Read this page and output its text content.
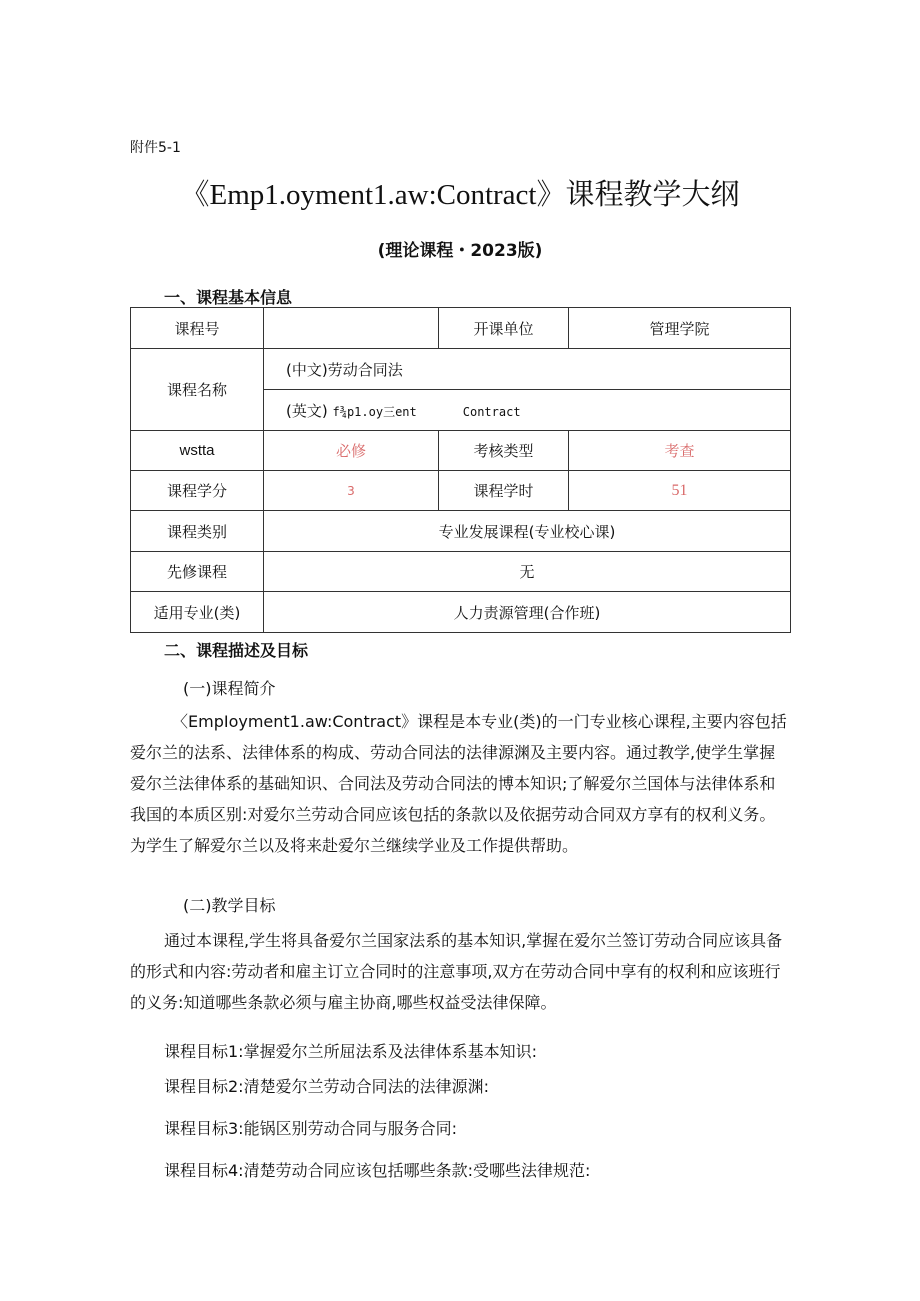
附件5-1
《Emp1.oyment1.aw:Contract》课程教学大纲
(理论课程・2023版)
一、课程基本信息
课程号		开课单位	管理学院
课程名称	(中文)劳动合同法		
	(英文) f¾p1.oy三ent Contract		
wstta	必修	考核类型	考查
课程学分	3	课程学时	51
课程类别	专业发展课程(专业校心课)		
先修课程	无		
适用专业(类)	人力责源管理(合作班)		
二、课程描述及目标
(一)课程简介

〈EmpIoyment1.aw:Contract》课程是本专业(类)的一门专业核心课程,主要内容包括爱尔兰的法系、法律体系的构成、劳动合同法的法律源渊及主要内容。通过教学,使学生掌握爱尔兰法律体系的基础知识、合同法及劳动合同法的博本知识;了解爱尔兰国体与法律体系和我国的本质区别:对爱尔兰劳动合同应该包括的条款以及依据劳动合同双方享有的权利义务。为学生了解爱尔兰以及将来赴爱尔兰继续学业及工作提供帮助。

(二)教学目标

通过本课程,学生将具备爱尔兰国家法系的基本知识,掌握在爱尔兰签订劳动合同应该具备的形式和内容:劳动者和雇主订立合同时的注意事项,双方在劳动合同中享有的权利和应该班行的义务:知道哪些条款必须与雇主协商,哪些权益受法律保障。

课程目标1:掌握爱尔兰所屈法系及法律体系基本知识:
课程目标2:清楚爱尔兰劳动合同法的法律源渊:
课程目标3:能锅区别劳动合同与服务合同:
课程目标4:清楚劳动合同应该包括哪些条款:受哪些法律规范:
